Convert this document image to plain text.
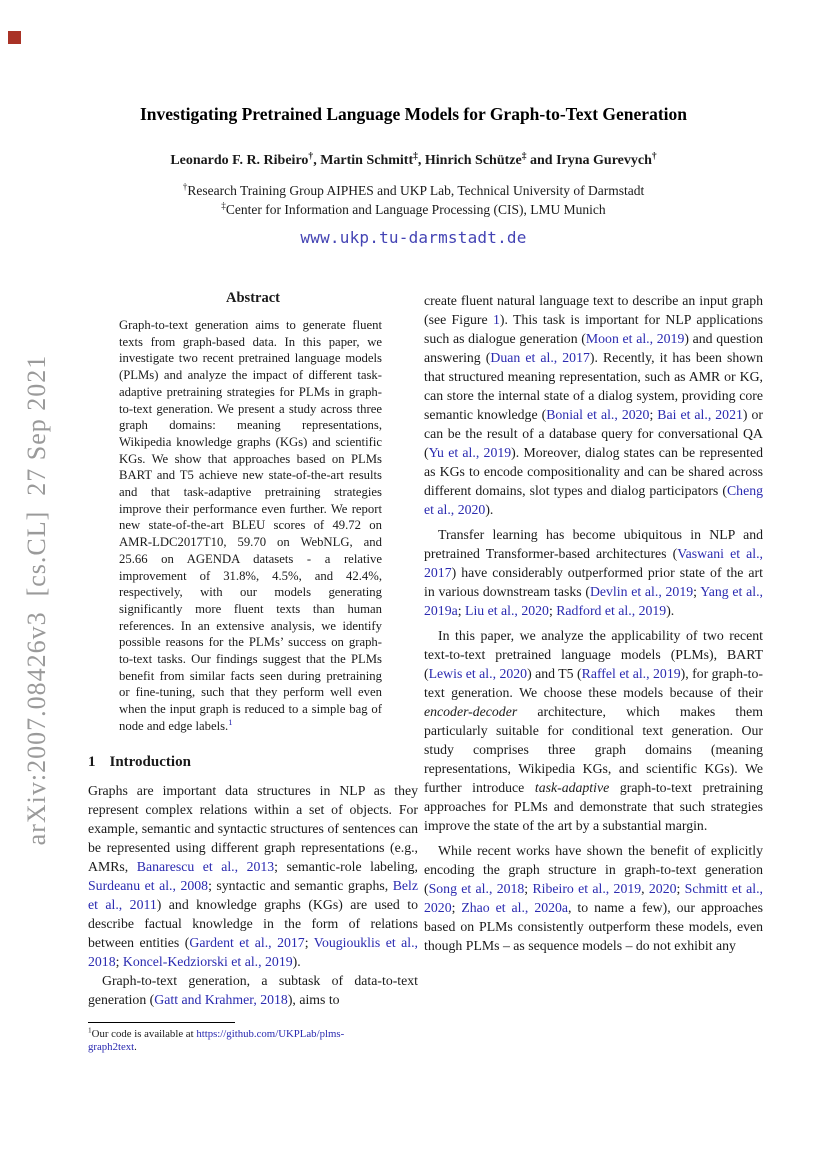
arXiv:2007.08426v3  [cs.CL]  27 Sep 2021
Investigating Pretrained Language Models for Graph-to-Text Generation
Leonardo F. R. Ribeiro†, Martin Schmitt‡, Hinrich Schütze‡ and Iryna Gurevych†
†Research Training Group AIPHES and UKP Lab, Technical University of Darmstadt
‡Center for Information and Language Processing (CIS), LMU Munich
www.ukp.tu-darmstadt.de
Abstract

Graph-to-text generation aims to generate fluent texts from graph-based data. In this paper, we investigate two recent pretrained language models (PLMs) and analyze the impact of different task-adaptive pretraining strategies for PLMs in graph-to-text generation. We present a study across three graph domains: meaning representations, Wikipedia knowledge graphs (KGs) and scientific KGs. We show that approaches based on PLMs BART and T5 achieve new state-of-the-art results and that task-adaptive pretraining strategies improve their performance even further. We report new state-of-the-art BLEU scores of 49.72 on AMR-LDC2017T10, 59.70 on WebNLG, and 25.66 on AGENDA datasets - a relative improvement of 31.8%, 4.5%, and 42.4%, respectively, with our models generating significantly more fluent texts than human references. In an extensive analysis, we identify possible reasons for the PLMs’ success on graph-to-text tasks. Our findings suggest that the PLMs benefit from similar facts seen during pretraining or fine-tuning, such that they perform well even when the input graph is reduced to a simple bag of node and edge labels.$^1$

1 Introduction

Graphs are important data structures in NLP as they represent complex relations within a set of objects. For example, semantic and syntactic structures of sentences can be represented using different graph representations (e.g., AMRs, Banarescu et al., 2013; semantic-role labeling, Surdeanu et al., 2008; syntactic and semantic graphs, Belz et al., 2011) and knowledge graphs (KGs) are used to describe factual knowledge in the form of relations between entities (Gardent et al., 2017; Vougiouklis et al., 2018; Koncel-Kedziorski et al., 2019).

Graph-to-text generation, a subtask of data-to-text generation (Gatt and Krahmer, 2018), aims to

$^1$Our code is available at https://github.com/UKPLab/plms-
graph2text.

create fluent natural language text to describe an input graph (see Figure 1). This task is important for NLP applications such as dialogue generation (Moon et al., 2019) and question answering (Duan et al., 2017). Recently, it has been shown that structured meaning representation, such as AMR or KG, can store the internal state of a dialog system, providing core semantic knowledge (Bonial et al., 2020; Bai et al., 2021) or can be the result of a database query for conversational QA (Yu et al., 2019). Moreover, dialog states can be represented as KGs to encode compositionality and can be shared across different domains, slot types and dialog participators (Cheng et al., 2020).

Transfer learning has become ubiquitous in NLP and pretrained Transformer-based architectures (Vaswani et al., 2017) have considerably outperformed prior state of the art in various downstream tasks (Devlin et al., 2019; Yang et al., 2019a; Liu et al., 2020; Radford et al., 2019).

In this paper, we analyze the applicability of two recent text-to-text pretrained language models (PLMs), BART (Lewis et al., 2020) and T5 (Raffel et al., 2019), for graph-to-text generation. We choose these models because of their encoder-decoder architecture, which makes them particularly suitable for conditional text generation. Our study comprises three graph domains (meaning representations, Wikipedia KGs, and scientific KGs). We further introduce task-adaptive graph-to-text pretraining approaches for PLMs and demonstrate that such strategies improve the state of the art by a substantial margin.

While recent works have shown the benefit of explicitly encoding the graph structure in graph-to-text generation (Song et al., 2018; Ribeiro et al., 2019, 2020; Schmitt et al., 2020; Zhao et al., 2020a, to name a few), our approaches based on PLMs consistently outperform these models, even though PLMs – as sequence models – do not exhibit any
